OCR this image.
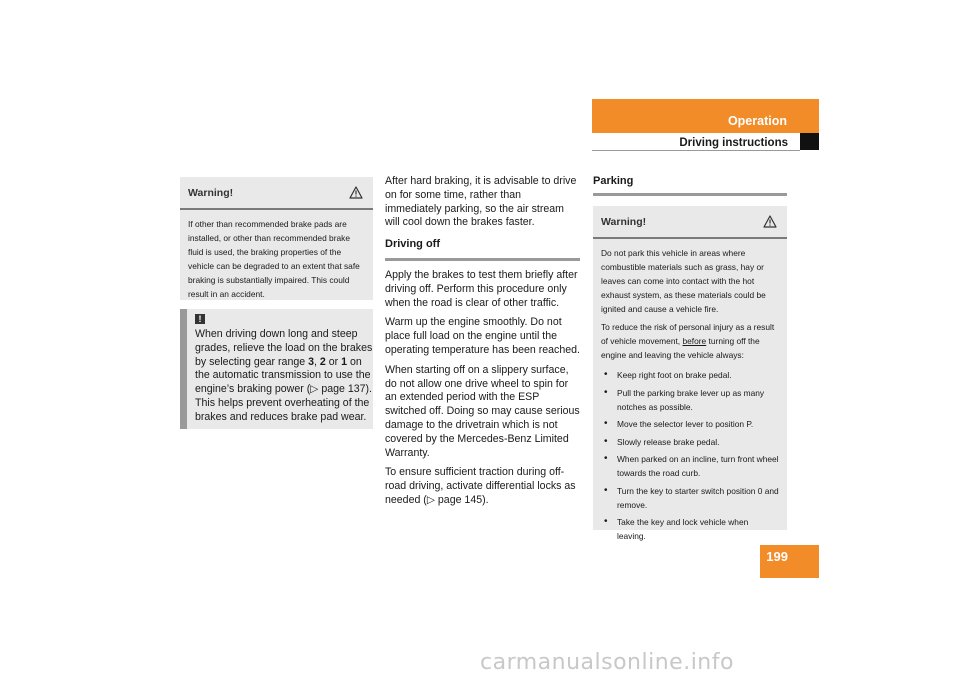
Operation
Driving instructions
Warning!
If other than recommended brake pads are installed, or other than recommended brake fluid is used, the braking properties of the vehicle can be degraded to an extent that safe braking is substantially impaired. This could result in an accident.
!
When driving down long and steep grades, relieve the load on the brakes by selecting gear range 3, 2 or 1 on the automatic transmission to use the engine’s braking power (▷ page 137). This helps prevent overheating of the brakes and reduces brake pad wear.

After hard braking, it is advisable to drive on for some time, rather than immediately parking, so the air stream will cool down the brakes faster.

Driving off

Apply the brakes to test them briefly after driving off. Perform this procedure only when the road is clear of other traffic.

Warm up the engine smoothly. Do not place full load on the engine until the operating temperature has been reached.

When starting off on a slippery surface, do not allow one drive wheel to spin for an extended period with the ESP switched off. Doing so may cause serious damage to the drivetrain which is not covered by the Mercedes-Benz Limited Warranty.

To ensure sufficient traction during off-road driving, activate differential locks as needed (▷ page 145).

Parking
Warning!

Do not park this vehicle in areas where combustible materials such as grass, hay or leaves can come into contact with the hot exhaust system, as these materials could be ignited and cause a vehicle fire.

To reduce the risk of personal injury as a result of vehicle movement, before turning off the engine and leaving the vehicle always:

• Keep right foot on brake pedal.
• Pull the parking brake lever up as many notches as possible.
• Move the selector lever to position P.
• Slowly release brake pedal.
• When parked on an incline, turn front wheel towards the road curb.
• Turn the key to starter switch position 0 and remove.
• Take the key and lock vehicle when leaving.
199
carmanualsonline.info
